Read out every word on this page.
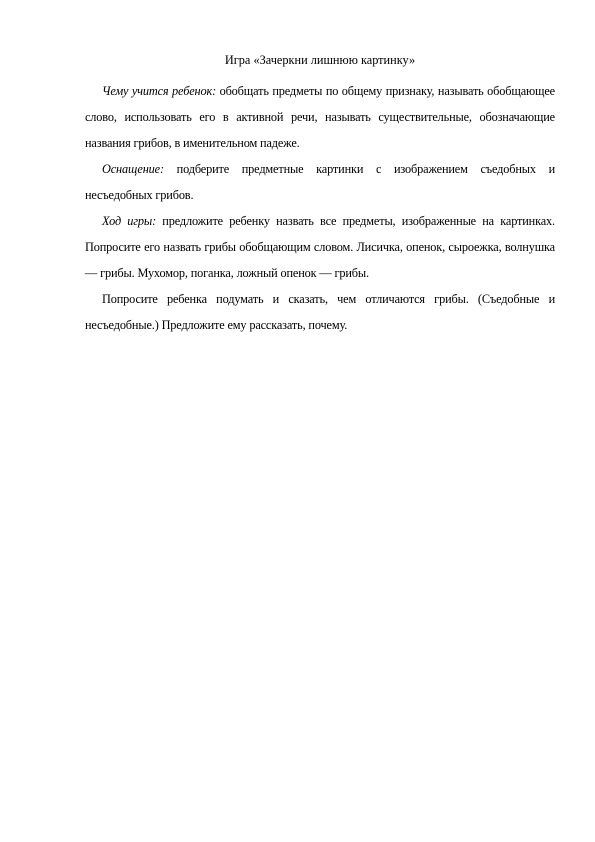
Игра «Зачеркни лишнюю картинку»

Чему учится ребенок: обобщать предметы по общему признаку, называть обобщающее слово, использовать его в активной речи, называть существительные, обозначающие названия грибов, в именительном падеже.

Оснащение: подберите предметные картинки с изображением съедобных и несъедобных грибов.

Ход игры: предложите ребенку назвать все предметы, изображенные на картинках. Попросите его назвать грибы обобщающим словом. Лисичка, опенок, сыроежка, волнушка — грибы. Мухомор, поганка, ложный опенок — грибы.

Попросите ребенка подумать и сказать, чем отличаются грибы. (Съедобные и несъедобные.) Предложите ему рассказать, почему.
